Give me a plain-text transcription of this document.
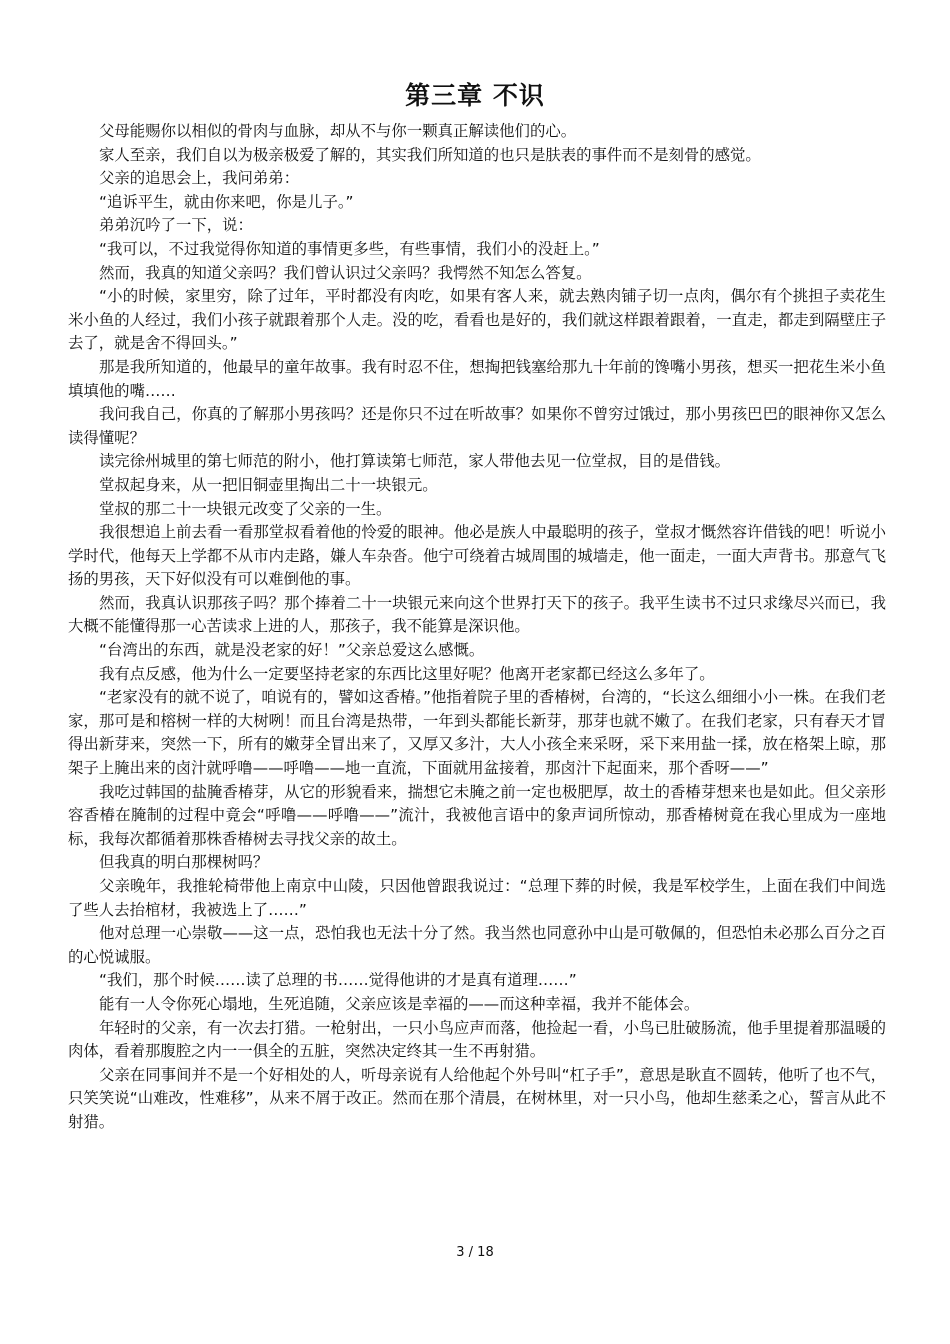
第三章 不识

父母能赐你以相似的骨肉与血脉，却从不与你一颗真正解读他们的心。

家人至亲，我们自以为极亲极爱了解的，其实我们所知道的也只是肤表的事件而不是刻骨的感觉。

父亲的追思会上，我问弟弟：

“追诉平生，就由你来吧，你是儿子。”

弟弟沉吟了一下，说：

“我可以，不过我觉得你知道的事情更多些，有些事情，我们小的没赶上。”

然而，我真的知道父亲吗？我们曾认识过父亲吗？我愕然不知怎么答复。

“小的时候，家里穷，除了过年，平时都没有肉吃，如果有客人来，就去熟肉铺子切一点肉，偶尔有个挑担子卖花生米小鱼的人经过，我们小孩子就跟着那个人走。没的吃，看看也是好的，我们就这样跟着跟着，一直走，都走到隔壁庄子去了，就是舍不得回头。”

那是我所知道的，他最早的童年故事。我有时忍不住，想掏把钱塞给那九十年前的馋嘴小男孩，想买一把花生米小鱼填填他的嘴……

我问我自己，你真的了解那小男孩吗？还是你只不过在听故事？如果你不曾穷过饿过，那小男孩巴巴的眼神你又怎么读得懂呢？

读完徐州城里的第七师范的附小，他打算读第七师范，家人带他去见一位堂叔，目的是借钱。

堂叔起身来，从一把旧铜壶里掏出二十一块银元。

堂叔的那二十一块银元改变了父亲的一生。

我很想追上前去看一看那堂叔看着他的怜爱的眼神。他必是族人中最聪明的孩子，堂叔才慨然容许借钱的吧！听说小学时代，他每天上学都不从市内走路，嫌人车杂沓。他宁可绕着古城周围的城墙走，他一面走，一面大声背书。那意气飞扬的男孩，天下好似没有可以难倒他的事。

然而，我真认识那孩子吗？那个捧着二十一块银元来向这个世界打天下的孩子。我平生读书不过只求缘尽兴而已，我大概不能懂得那一心苦读求上进的人，那孩子，我不能算是深识他。

“台湾出的东西，就是没老家的好！”父亲总爱这么感慨。

我有点反感，他为什么一定要坚持老家的东西比这里好呢？他离开老家都已经这么多年了。

“老家没有的就不说了，咱说有的，譬如这香椿。”他指着院子里的香椿树，台湾的，“长这么细细小小一株。在我们老家，那可是和榕树一样的大树咧！而且台湾是热带，一年到头都能长新芽，那芽也就不嫩了。在我们老家，只有春天才冒得出新芽来，突然一下，所有的嫩芽全冒出来了，又厚又多汁，大人小孩全来采呀，采下来用盐一揉，放在格架上晾，那架子上腌出来的卤汁就呼噜——呼噜——地一直流，下面就用盆接着，那卤汁下起面来，那个香呀——”

我吃过韩国的盐腌香椿芽，从它的形貌看来，揣想它未腌之前一定也极肥厚，故土的香椿芽想来也是如此。但父亲形容香椿在腌制的过程中竟会“呼噜——呼噜——”流汁，我被他言语中的象声词所惊动，那香椿树竟在我心里成为一座地标，我每次都循着那株香椿树去寻找父亲的故土。

但我真的明白那棵树吗？

父亲晚年，我推轮椅带他上南京中山陵，只因他曾跟我说过：“总理下葬的时候，我是军校学生，上面在我们中间选了些人去抬棺材，我被选上了……”

他对总理一心崇敬——这一点，恐怕我也无法十分了然。我当然也同意孙中山是可敬佩的，但恐怕未必那么百分之百的心悦诚服。

“我们，那个时候……读了总理的书……觉得他讲的才是真有道理……”

能有一人令你死心塌地，生死追随，父亲应该是幸福的——而这种幸福，我并不能体会。

年轻时的父亲，有一次去打猎。一枪射出，一只小鸟应声而落，他捡起一看，小鸟已肚破肠流，他手里提着那温暖的肉体，看着那腹腔之内一一俱全的五脏，突然决定终其一生不再射猎。

父亲在同事间并不是一个好相处的人，听母亲说有人给他起个外号叫“杠子手”，意思是耿直不圆转，他听了也不气，只笑笑说“山难改，性难移”，从来不屑于改正。然而在那个清晨，在树林里，对一只小鸟，他却生慈柔之心，誓言从此不射猎。

3 / 18
